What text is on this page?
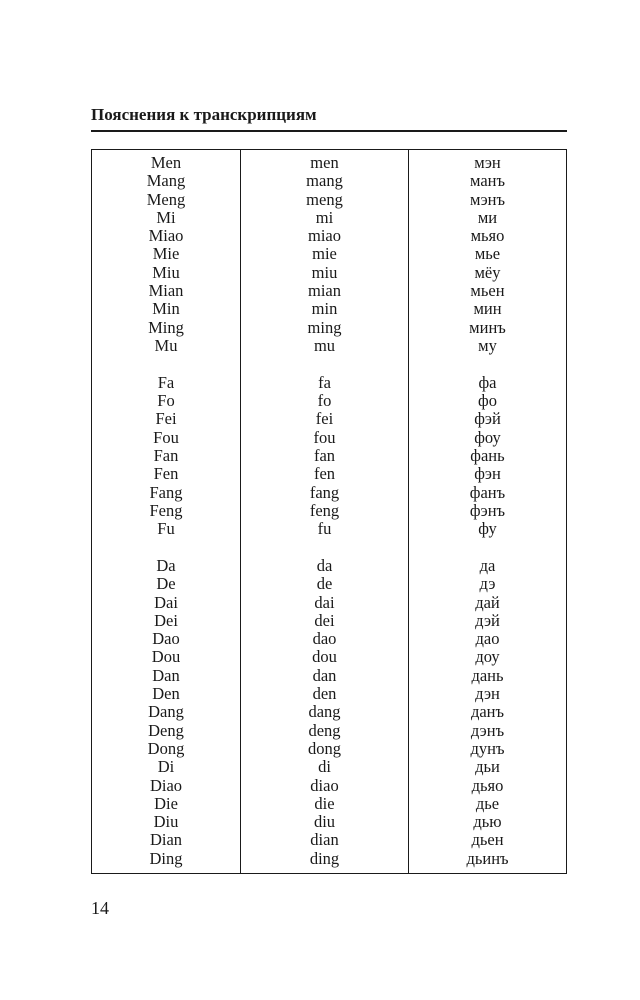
Пояснения к транскрипциям
Men
Mang
Meng
Mi
Miao
Mie
Miu
Mian
Min
Ming
Mu
Fa
Fo
Fei
Fou
Fan
Fen
Fang
Feng
Fu
Da
De
Dai
Dei
Dao
Dou
Dan
Den
Dang
Deng
Dong
Di
Diao
Die
Diu
Dian
Ding
men
mang
meng
mi
miao
mie
miu
mian
min
ming
mu
fa
fo
fei
fou
fan
fen
fang
feng
fu
da
de
dai
dei
dao
dou
dan
den
dang
deng
dong
di
diao
die
diu
dian
ding
мэн
манъ
мэнъ
ми
мьяо
мье
мёу
мьен
мин
минъ
му
фа
фо
фэй
фоу
фань
фэн
фанъ
фэнъ
фу
да
дэ
дай
дэй
дао
доу
дань
дэн
данъ
дэнъ
дунъ
дьи
дьяо
дье
дью
дьен
дьинъ

14
